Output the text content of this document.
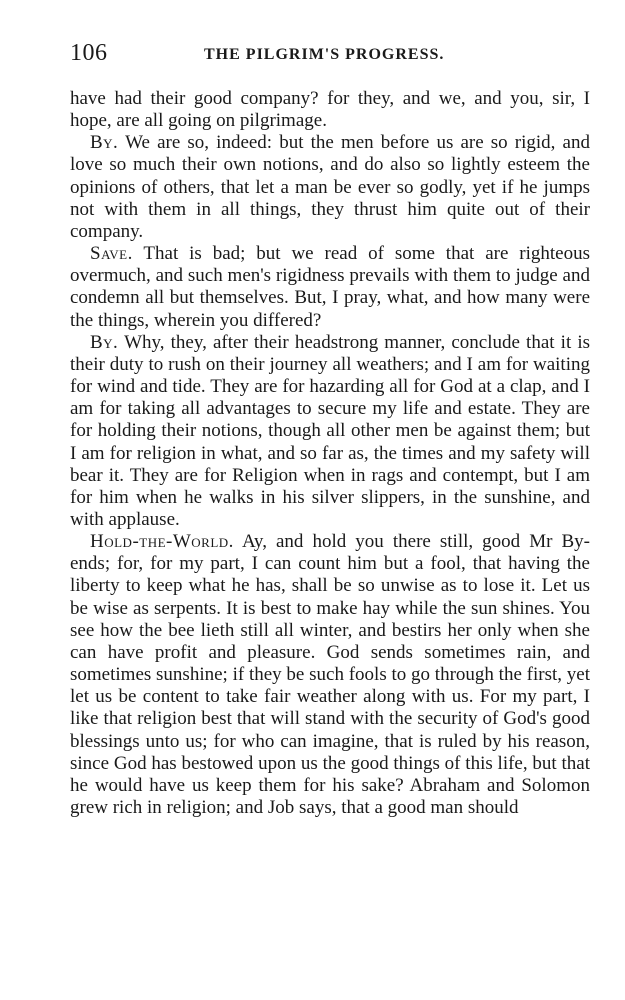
106	THE PILGRIM'S PROGRESS.

have had their good company? for they, and we, and you, sir, I hope, are all going on pilgrimage.

By. We are so, indeed: but the men before us are so rigid, and love so much their own notions, and do also so lightly esteem the opinions of others, that let a man be ever so godly, yet if he jumps not with them in all things, they thrust him quite out of their company.

Save. That is bad; but we read of some that are righteous overmuch, and such men's rigidness prevails with them to judge and condemn all but themselves. But, I pray, what, and how many were the things, wherein you differed?

By. Why, they, after their headstrong manner, conclude that it is their duty to rush on their journey all weathers; and I am for waiting for wind and tide. They are for hazarding all for God at a clap, and I am for taking all advantages to secure my life and estate. They are for holding their notions, though all other men be against them; but I am for religion in what, and so far as, the times and my safety will bear it. They are for Religion when in rags and contempt, but I am for him when he walks in his silver slippers, in the sunshine, and with applause.

Hold-the-World. Ay, and hold you there still, good Mr By-ends; for, for my part, I can count him but a fool, that having the liberty to keep what he has, shall be so unwise as to lose it. Let us be wise as serpents. It is best to make hay while the sun shines. You see how the bee lieth still all winter, and bestirs her only when she can have profit and pleasure. God sends sometimes rain, and sometimes sunshine; if they be such fools to go through the first, yet let us be content to take fair weather along with us. For my part, I like that religion best that will stand with the security of God's good blessings unto us; for who can imagine, that is ruled by his reason, since God has bestowed upon us the good things of this life, but that he would have us keep them for his sake? Abraham and Solomon grew rich in religion; and Job says, that a good man should
